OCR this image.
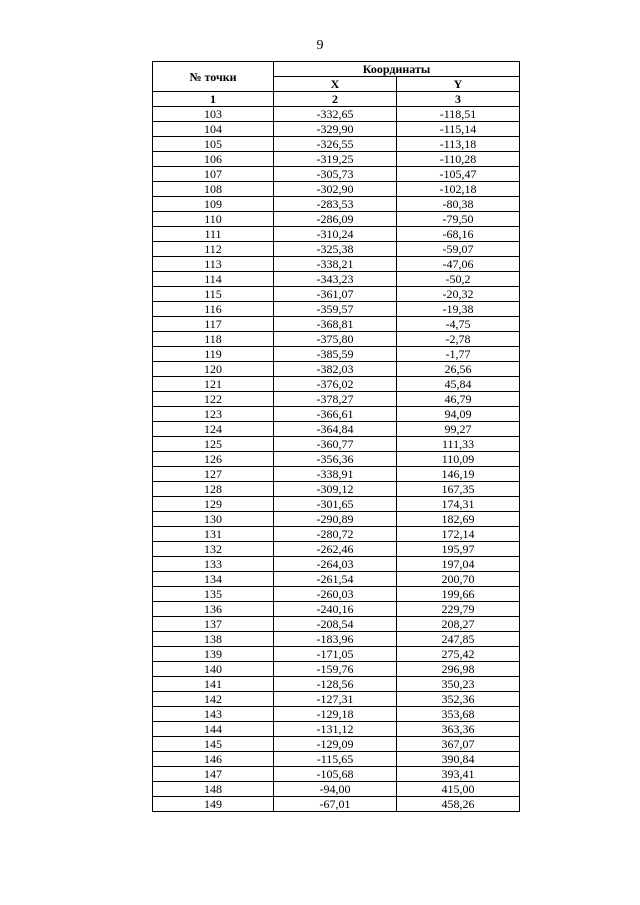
9
№ точки	Координаты	
	X	Y
1	2	3
103	-332,65	-118,51
104	-329,90	-115,14
105	-326,55	-113,18
106	-319,25	-110,28
107	-305,73	-105,47
108	-302,90	-102,18
109	-283,53	-80,38
110	-286,09	-79,50
111	-310,24	-68,16
112	-325,38	-59,07
113	-338,21	-47,06
114	-343,23	-50,2
115	-361,07	-20,32
116	-359,57	-19,38
117	-368,81	-4,75
118	-375,80	-2,78
119	-385,59	-1,77
120	-382,03	26,56
121	-376,02	45,84
122	-378,27	46,79
123	-366,61	94,09
124	-364,84	99,27
125	-360,77	111,33
126	-356,36	110,09
127	-338,91	146,19
128	-309,12	167,35
129	-301,65	174,31
130	-290,89	182,69
131	-280,72	172,14
132	-262,46	195,97
133	-264,03	197,04
134	-261,54	200,70
135	-260,03	199,66
136	-240,16	229,79
137	-208,54	208,27
138	-183,96	247,85
139	-171,05	275,42
140	-159,76	296,98
141	-128,56	350,23
142	-127,31	352,36
143	-129,18	353,68
144	-131,12	363,36
145	-129,09	367,07
146	-115,65	390,84
147	-105,68	393,41
148	-94,00	415,00
149	-67,01	458,26
